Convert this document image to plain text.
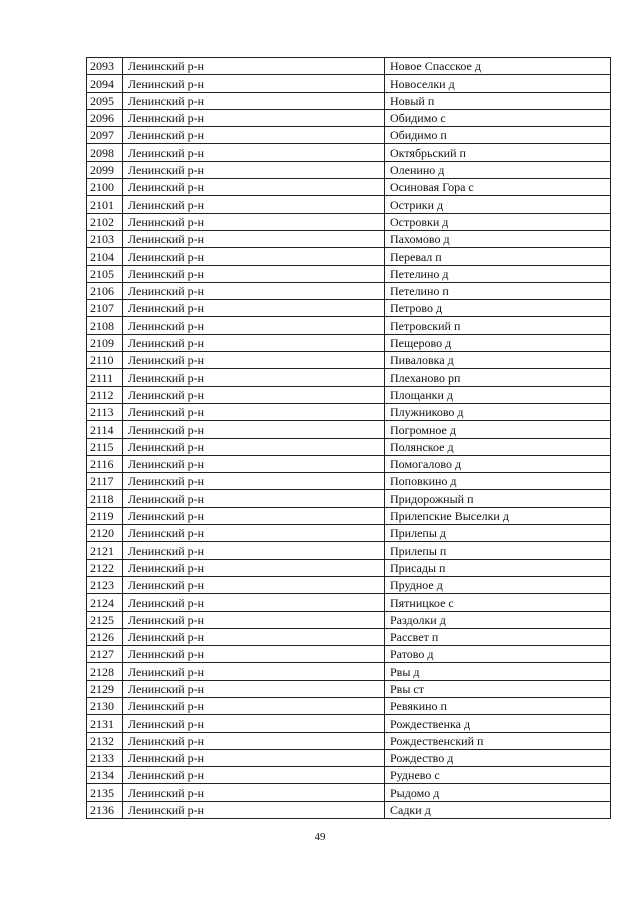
2093	Ленинский р-н	Новое Спасское д
2094	Ленинский р-н	Новоселки д
2095	Ленинский р-н	Новый п
2096	Ленинский р-н	Обидимо с
2097	Ленинский р-н	Обидимо п
2098	Ленинский р-н	Октябрьский п
2099	Ленинский р-н	Оленино д
2100	Ленинский р-н	Осиновая Гора с
2101	Ленинский р-н	Острики д
2102	Ленинский р-н	Островки д
2103	Ленинский р-н	Пахомово д
2104	Ленинский р-н	Перевал п
2105	Ленинский р-н	Петелино д
2106	Ленинский р-н	Петелино п
2107	Ленинский р-н	Петрово д
2108	Ленинский р-н	Петровский п
2109	Ленинский р-н	Пещерово д
2110	Ленинский р-н	Пиваловка д
2111	Ленинский р-н	Плеханово рп
2112	Ленинский р-н	Площанки д
2113	Ленинский р-н	Плужниково д
2114	Ленинский р-н	Погромное д
2115	Ленинский р-н	Полянское д
2116	Ленинский р-н	Помогалово д
2117	Ленинский р-н	Поповкино д
2118	Ленинский р-н	Придорожный п
2119	Ленинский р-н	Прилепские Выселки д
2120	Ленинский р-н	Прилепы д
2121	Ленинский р-н	Прилепы п
2122	Ленинский р-н	Присады п
2123	Ленинский р-н	Прудное д
2124	Ленинский р-н	Пятницкое с
2125	Ленинский р-н	Раздолки д
2126	Ленинский р-н	Рассвет п
2127	Ленинский р-н	Ратово д
2128	Ленинский р-н	Рвы д
2129	Ленинский р-н	Рвы ст
2130	Ленинский р-н	Ревякино п
2131	Ленинский р-н	Рождественка д
2132	Ленинский р-н	Рождественский п
2133	Ленинский р-н	Рождество д
2134	Ленинский р-н	Руднево с
2135	Ленинский р-н	Рыдомо д
2136	Ленинский р-н	Садки д
49
